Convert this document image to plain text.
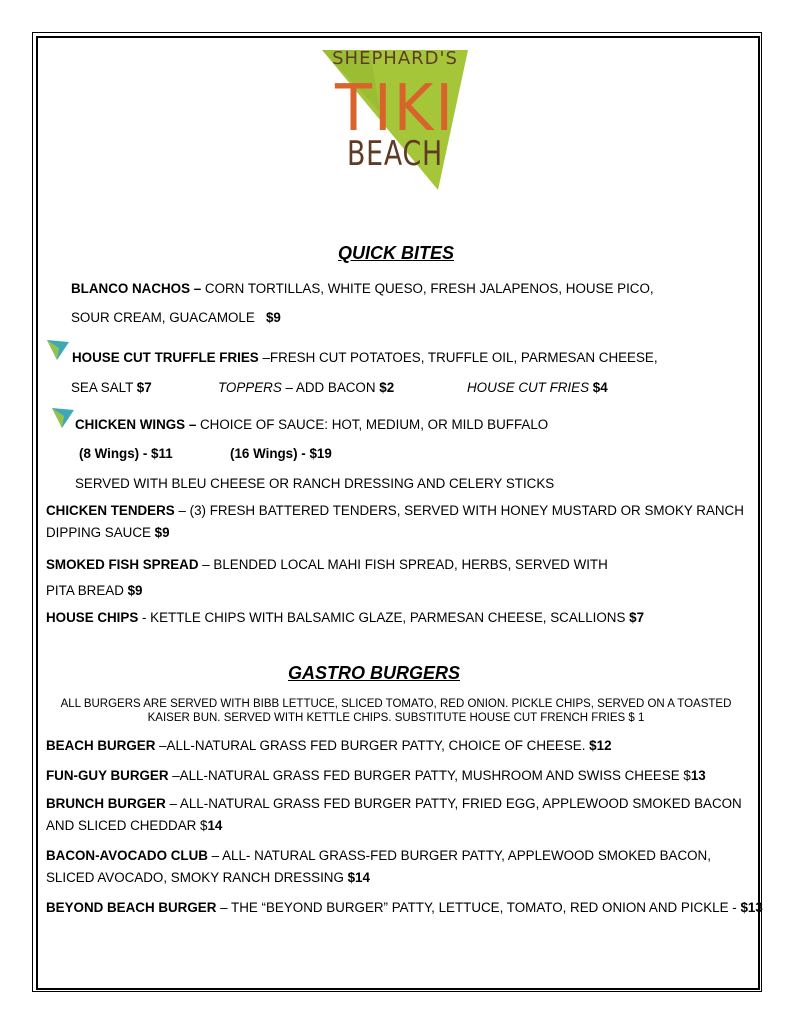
SHEPHARD'S
TIKI
BEACH
QUICK BITES
BLANCO NACHOS – CORN TORTILLAS, WHITE QUESO, FRESH JALAPENOS, HOUSE PICO,
SOUR CREAM, GUACAMOLE $9
HOUSE CUT TRUFFLE FRIES –FRESH CUT POTATOES, TRUFFLE OIL, PARMESAN CHEESE,
SEA SALT $7	TOPPERS – ADD BACON $2	HOUSE CUT FRIES $4
CHICKEN WINGS – CHOICE OF SAUCE: HOT, MEDIUM, OR MILD BUFFALO
(8 Wings) - $11	(16 Wings) - $19
SERVED WITH BLEU CHEESE OR RANCH DRESSING AND CELERY STICKS
CHICKEN TENDERS – (3) FRESH BATTERED TENDERS, SERVED WITH HONEY MUSTARD OR SMOKY RANCH DIPPING SAUCE $9
SMOKED FISH SPREAD – BLENDED LOCAL MAHI FISH SPREAD, HERBS, SERVED WITH
PITA BREAD $9
HOUSE CHIPS - KETTLE CHIPS WITH BALSAMIC GLAZE, PARMESAN CHEESE, SCALLIONS $7
GASTRO BURGERS
ALL BURGERS ARE SERVED WITH BIBB LETTUCE, SLICED TOMATO, RED ONION. PICKLE CHIPS, SERVED ON A TOASTED KAISER BUN. SERVED WITH KETTLE CHIPS. SUBSTITUTE HOUSE CUT FRENCH FRIES $ 1
BEACH BURGER –ALL-NATURAL GRASS FED BURGER PATTY, CHOICE OF CHEESE. $12
FUN-GUY BURGER –ALL-NATURAL GRASS FED BURGER PATTY, MUSHROOM AND SWISS CHEESE $13
BRUNCH BURGER – ALL-NATURAL GRASS FED BURGER PATTY, FRIED EGG, APPLEWOOD SMOKED BACON AND SLICED CHEDDAR $14
BACON-AVOCADO CLUB – ALL- NATURAL GRASS-FED BURGER PATTY, APPLEWOOD SMOKED BACON, SLICED AVOCADO, SMOKY RANCH DRESSING $14
BEYOND BEACH BURGER – THE “BEYOND BURGER” PATTY, LETTUCE, TOMATO, RED ONION AND PICKLE - $13
